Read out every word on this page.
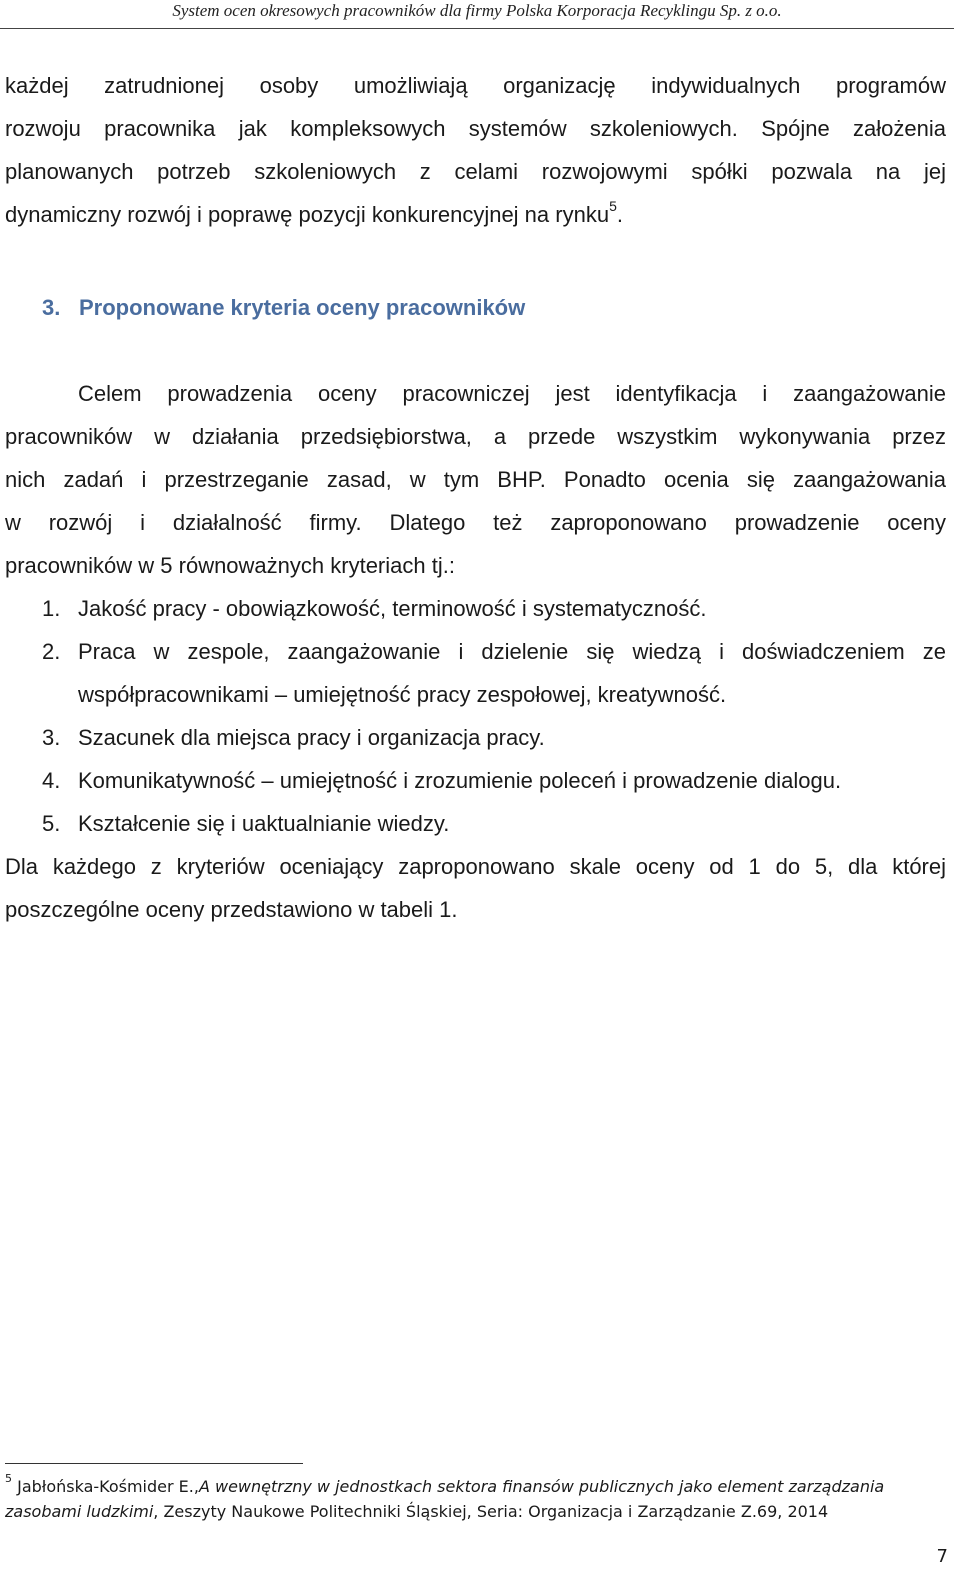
System ocen okresowych pracowników dla firmy Polska Korporacja Recyklingu Sp. z o.o.
każdej zatrudnionej osoby umożliwiają organizację indywidualnych programów
rozwoju pracownika jak kompleksowych systemów szkoleniowych. Spójne założenia
planowanych potrzeb szkoleniowych z celami rozwojowymi spółki pozwala na jej
dynamiczny rozwój i poprawę pozycji konkurencyjnej na rynku$^5$.
3. Proponowane kryteria oceny pracowników
Celem prowadzenia oceny pracowniczej jest identyfikacja i zaangażowanie
pracowników w działania przedsiębiorstwa, a przede wszystkim wykonywania przez
nich zadań i przestrzeganie zasad, w tym BHP. Ponadto ocenia się zaangażowania
w rozwój i działalność firmy. Dlatego też zaproponowano prowadzenie oceny
pracowników w 5 równoważnych kryteriach tj.:
1. Jakość pracy - obowiązkowość, terminowość i systematyczność.
2. Praca w zespole, zaangażowanie i dzielenie się wiedzą i doświadczeniem ze
współpracownikami – umiejętność pracy zespołowej, kreatywność.
3. Szacunek dla miejsca pracy i organizacja pracy.
4. Komunikatywność – umiejętność i zrozumienie poleceń i prowadzenie dialogu.
5. Kształcenie się i uaktualnianie wiedzy.
Dla każdego z kryteriów oceniający zaproponowano skale oceny od 1 do 5, dla której
poszczególne oceny przedstawiono w tabeli 1.
$^5$ Jabłońska-Kośmider E.,A wewnętrzny w jednostkach sektora finansów publicznych jako element zarządzania
zasobami ludzkimi, Zeszyty Naukowe Politechniki Śląskiej, Seria: Organizacja i Zarządzanie Z.69, 2014
7
